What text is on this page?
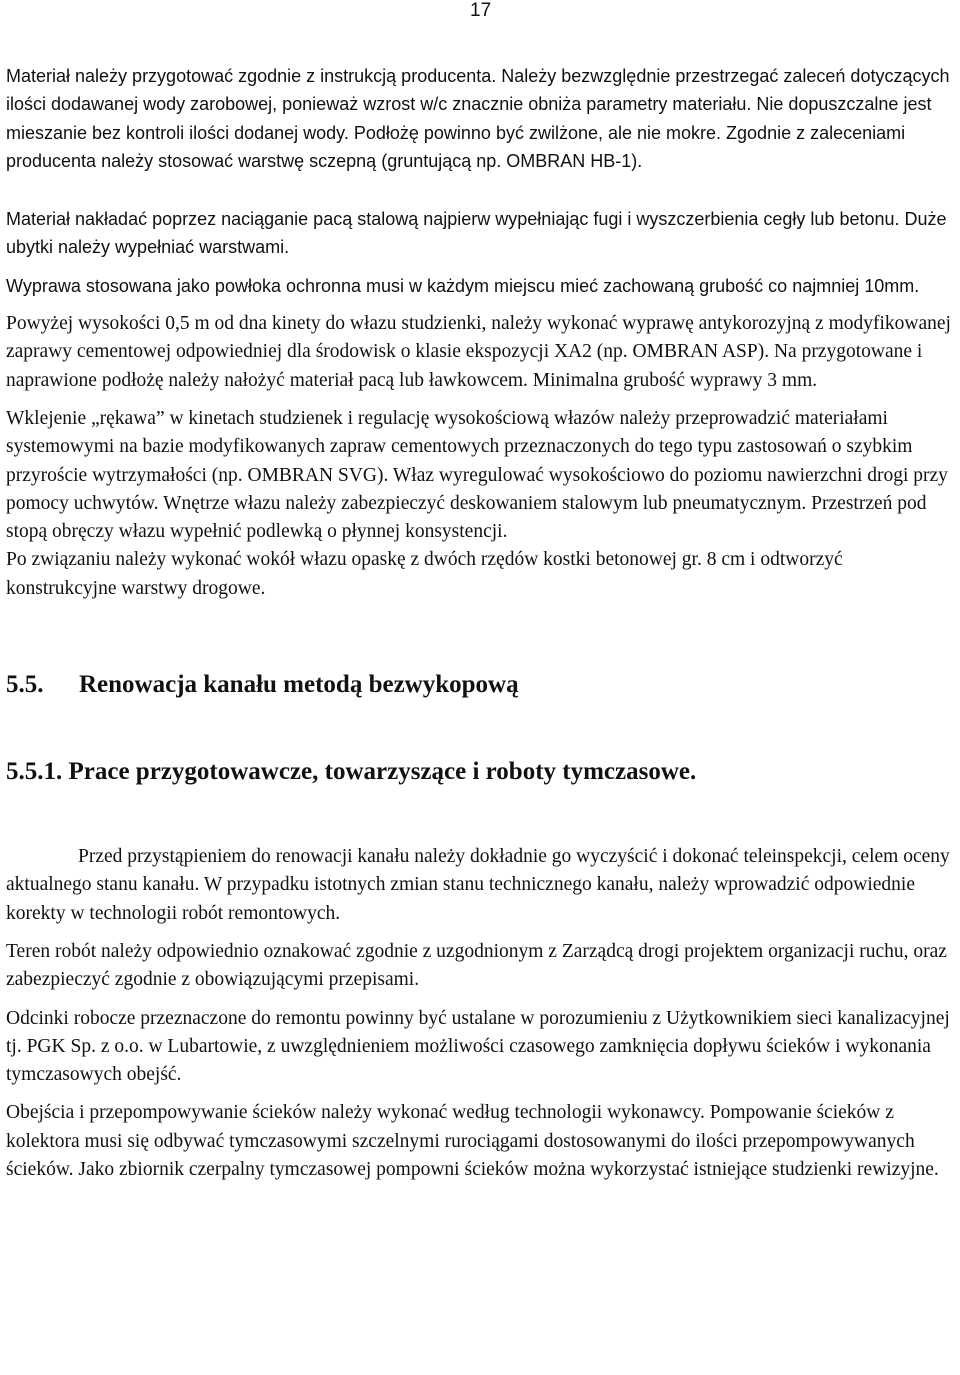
17

Materiał należy przygotować zgodnie z instrukcją producenta. Należy bezwzględnie przestrzegać zaleceń dotyczących ilości dodawanej wody zarobowej, ponieważ wzrost w/c znacznie obniża parametry materiału. Nie dopuszczalne jest mieszanie bez kontroli ilości dodanej wody. Podłożę powinno być zwilżone, ale nie mokre. Zgodnie z zaleceniami producenta należy stosować warstwę sczepną (gruntującą np. OMBRAN HB-1).

Materiał nakładać poprzez naciąganie pacą stalową najpierw wypełniając fugi i wyszczerbienia cegły lub betonu. Duże ubytki należy wypełniać warstwami.

Wyprawa stosowana jako powłoka ochronna musi w każdym miejscu mieć zachowaną grubość co najmniej 10mm.

Powyżej wysokości 0,5 m od dna kinety do włazu studzienki, należy wykonać wyprawę antykorozyjną z modyfikowanej zaprawy cementowej odpowiedniej dla środowisk o klasie ekspozycji XA2 (np. OMBRAN ASP). Na przygotowane i naprawione podłożę należy nałożyć materiał pacą lub ławkowcem. Minimalna grubość wyprawy 3 mm.

Wklejenie „rękawa” w kinetach studzienek i regulację wysokościową włazów należy przeprowadzić materiałami systemowymi na bazie modyfikowanych zapraw cementowych przeznaczonych do tego typu zastosowań o szybkim przyroście wytrzymałości (np. OMBRAN SVG). Właz wyregulować wysokościowo do poziomu nawierzchni drogi przy pomocy uchwytów. Wnętrze włazu należy zabezpieczyć deskowaniem stalowym lub pneumatycznym. Przestrzeń pod stopą obręczy włazu wypełnić podlewką o płynnej konsystencji.

Po związaniu należy wykonać wokół włazu opaskę z dwóch rzędów kostki betonowej gr. 8 cm i odtworzyć konstrukcyjne warstwy drogowe.

5.5. Renowacja kanału metodą bezwykopową
5.5.1. Prace przygotowawcze, towarzyszące i roboty tymczasowe.

Przed przystąpieniem do renowacji kanału należy dokładnie go wyczyścić i dokonać teleinspekcji, celem oceny aktualnego stanu kanału. W przypadku istotnych zmian stanu technicznego kanału, należy wprowadzić odpowiednie korekty w technologii robót remontowych.

Teren robót należy odpowiednio oznakować zgodnie z uzgodnionym z Zarządcą drogi projektem organizacji ruchu, oraz zabezpieczyć zgodnie z obowiązującymi przepisami.

Odcinki robocze przeznaczone do remontu powinny być ustalane w porozumieniu z Użytkownikiem sieci kanalizacyjnej tj. PGK Sp. z o.o. w Lubartowie, z uwzględnieniem możliwości czasowego zamknięcia dopływu ścieków i wykonania tymczasowych obejść.

Obejścia i przepompowywanie ścieków należy wykonać według technologii wykonawcy. Pompowanie ścieków z kolektora musi się odbywać tymczasowymi szczelnymi rurociągami dostosowanymi do ilości przepompowywanych ścieków. Jako zbiornik czerpalny tymczasowej pompowni ścieków można wykorzystać istniejące studzienki rewizyjne.
